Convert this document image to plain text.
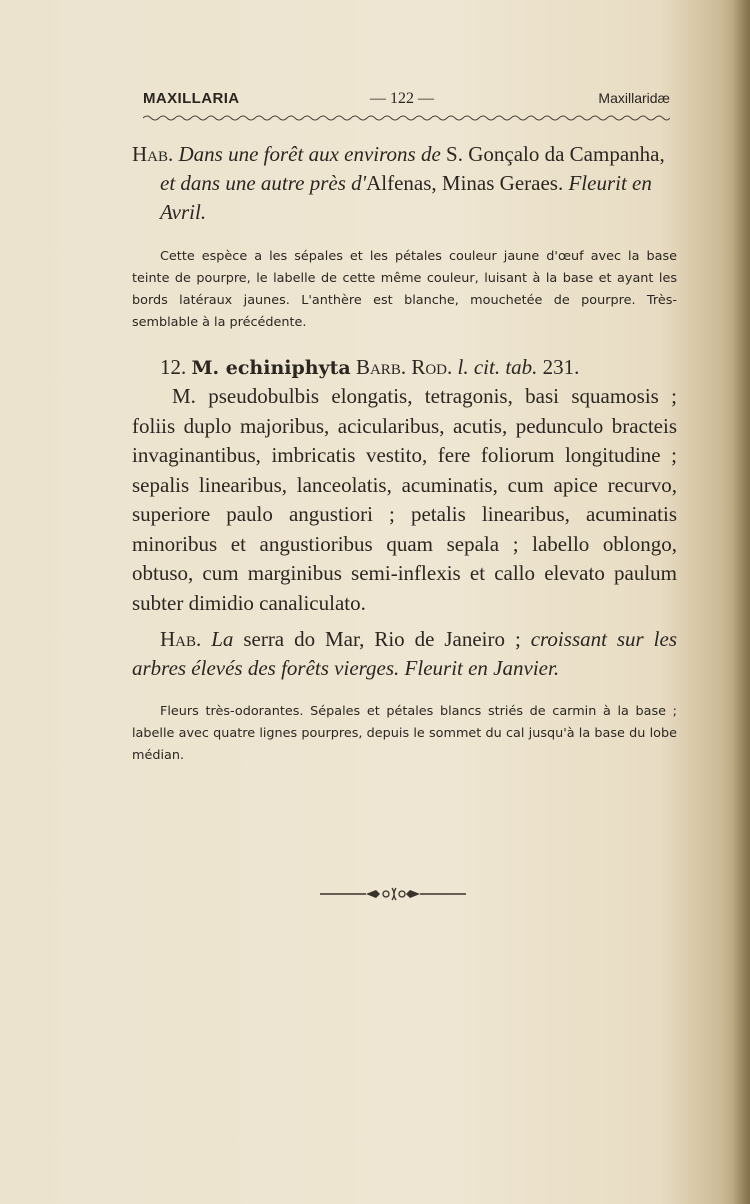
MAXILLARIA	— 122 —	Maxillaridæ

Hab. Dans une forêt aux environs de S. Gonçalo da Campanha, et dans une autre près d'Alfenas, Minas Geraes. Fleurit en Avril.

Cette espèce a les sépales et les pétales couleur jaune d'œuf avec la base teinte de pourpre, le labelle de cette même couleur, luisant à la base et ayant les bords latéraux jaunes. L'anthère est blanche, mouchetée de pourpre. Très-semblable à la précédente.

12. M. echiniphyta Barb. Rod. l. cit. tab. 231.

M. pseudobulbis elongatis, tetragonis, basi squamosis ; foliis duplo majoribus, acicularibus, acutis, pedunculo bracteis invaginantibus, imbricatis vestito, fere foliorum longitudine ; sepalis linearibus, lanceolatis, acuminatis, cum apice recurvo, superiore paulo angustiori ; petalis linearibus, acuminatis minoribus et angustioribus quam sepala ; labello oblongo, obtuso, cum marginibus semi-inflexis et callo elevato paulum subter dimidio canaliculato.

Hab. La serra do Mar, Rio de Janeiro ; croissant sur les arbres élevés des forêts vierges. Fleurit en Janvier.

Fleurs très-odorantes. Sépales et pétales blancs striés de carmin à la base ; labelle avec quatre lignes pourpres, depuis le sommet du cal jusqu'à la base du lobe médian.
